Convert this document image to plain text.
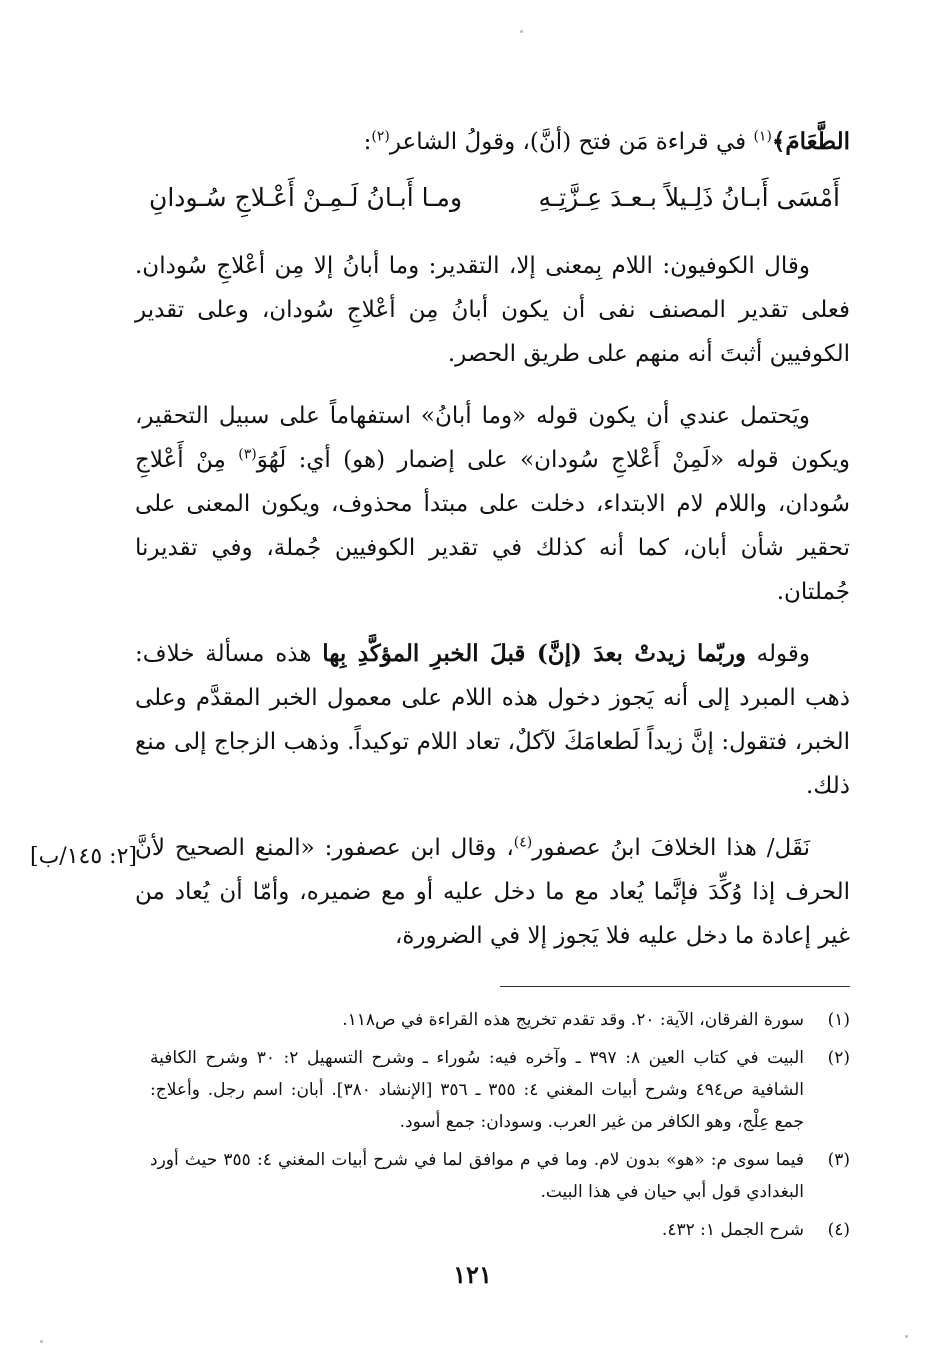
الطَّعَامَ﴾$^{(١)}$ في قراءة مَن فتح (أنَّ)، وقولُ الشاعر$^{(٢)}$:
أَمْسَى أَبـانُ ذَلِـيلاً بـعـدَ عِـزَّتِـهِ
ومـا أَبـانُ لَـمِـنْ أَعْـلاجِ سُـودانِ

وقال الكوفيون: اللام بِمعنى إلا، التقدير: وما أبانُ إلا مِن أعْلاجِ سُودان. فعلى تقدير المصنف نفى أن يكون أبانُ مِن أعْلاجِ سُودان، وعلى تقدير الكوفيين أثبتَ أنه منهم على طريق الحصر.

ويَحتمل عندي أن يكون قوله «وما أبانُ» استفهاماً على سبيل التحقير، ويكون قوله «لَمِنْ أَعْلاجِ سُودان» على إضمار (هو) أي: لَهُوَ$^{(٣)}$ مِنْ أَعْلاجِ سُودان، واللام لام الابتداء، دخلت على مبتدأ محذوف، ويكون المعنى على تحقير شأن أبان، كما أنه كذلك في تقدير الكوفيين جُملة، وفي تقديرنا جُملتان.

وقوله وربّما زيدتْ بعدَ (إنَّ) قبلَ الخبرِ المؤكَّدِ بِها هذه مسألة خلاف: ذهب المبرد إلى أنه يَجوز دخول هذه اللام على معمول الخبر المقدَّم وعلى الخبر، فتقول: إنَّ زيداً لَطعامَكَ لآكلٌ، تعاد اللام توكيداً. وذهب الزجاج إلى منع ذلك.

نَقَل/ هذا الخلافَ ابنُ عصفور$^{(٤)}$، وقال ابن عصفور: «المنع الصحيح لأنَّ الحرف إذا وُكِّدَ فإنَّما يُعاد مع ما دخل عليه أو مع ضميره، وأمّا أن يُعاد من غير إعادة ما دخل عليه فلا يَجوز إلا في الضرورة،

[٢: ١٤٥/ب]
(١)
سورة الفرقان، الآية: ٢٠. وقد تقدم تخريج هذه القراءة في ص١١٨.
(٢)
البيت في كتاب العين ٨: ٣٩٧ ـ وآخره فيه: سُوراء ـ وشرح التسهيل ٢: ٣٠ وشرح الكافية الشافية ص٤٩٤ وشرح أبيات المغني ٤: ٣٥٥ ـ ٣٥٦ [الإنشاد ٣٨٠]. أبان: اسم رجل. وأعلاج: جمع عِلْج، وهو الكافر من غير العرب. وسودان: جمع أسود.
(٣)
فيما سوى م: «هو» بدون لام. وما في م موافق لما في شرح أبيات المغني ٤: ٣٥٥ حيث أورد البغدادي قول أبي حيان في هذا البيت.
(٤)
شرح الجمل ١: ٤٣٢.
١٢١
